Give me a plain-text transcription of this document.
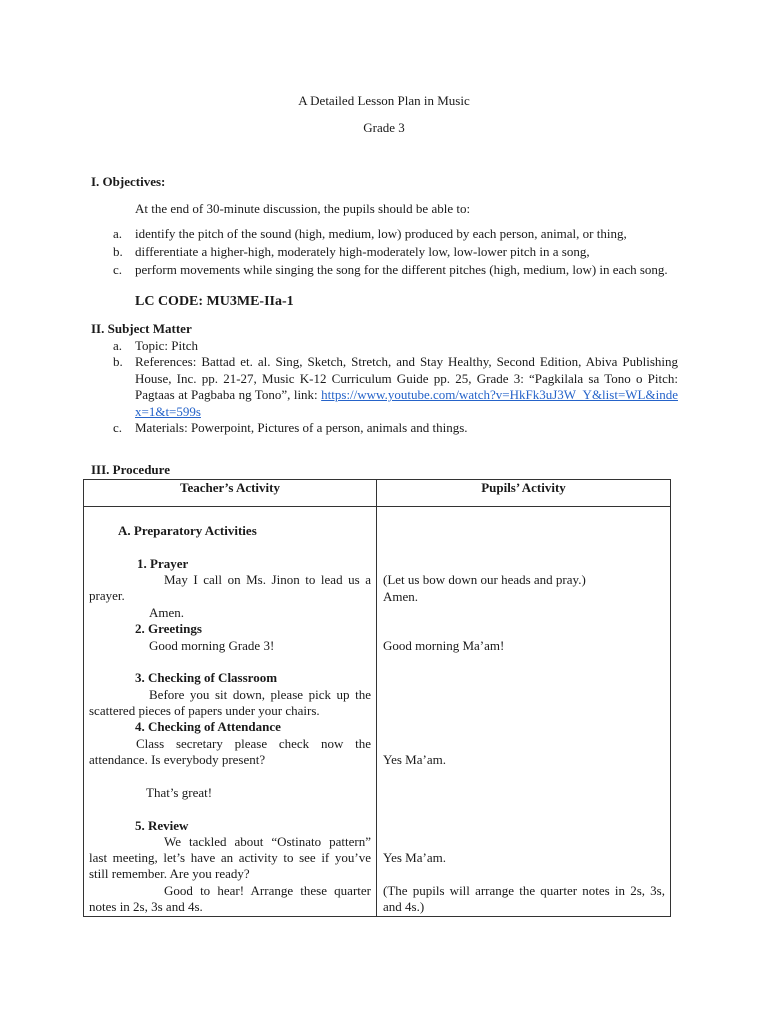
A Detailed Lesson Plan in Music
Grade 3
I. Objectives:
At the end of 30-minute discussion, the pupils should be able to:
a. identify the pitch of the sound (high, medium, low) produced by each person, animal, or thing,
b. differentiate a higher-high, moderately high-moderately low, low-lower pitch in a song,
c. perform movements while singing the song for the different pitches (high, medium, low) in each song.
LC CODE: MU3ME-IIa-1
II. Subject Matter
a. Topic: Pitch
b. References: Battad et. al. Sing, Sketch, Stretch, and Stay Healthy, Second Edition, Abiva Publishing House, Inc. pp. 21-27, Music K-12 Curriculum Guide pp. 25, Grade 3: “Pagkilala sa Tono o Pitch: Pagtaas at Pagbaba ng Tono”, link: https://www.youtube.com/watch?v=HkFk3uJ3W_Y&list=WL&index=1&t=599s
c. Materials: Powerpoint, Pictures of a person, animals and things.
III. Procedure
Teacher’s Activity	Pupils’ Activity
A. Preparatory Activities
1. Prayer
May I call on Ms. Jinon to lead us a prayer.
Amen.
2. Greetings
Good morning Grade 3!
3. Checking of Classroom
Before you sit down, please pick up the scattered pieces of papers under your chairs.
4. Checking of Attendance
Class secretary please check now the attendance. Is everybody present?
That’s great!
5. Review
We tackled about “Ostinato pattern” last meeting, let’s have an activity to see if you’ve still remember. Are you ready?
Good to hear! Arrange these quarter notes in 2s, 3s and 4s.
(Let us bow down our heads and pray.)
Amen.
Good morning Ma’am!
Yes Ma’am.
Yes Ma’am.
(The pupils will arrange the quarter notes in 2s, 3s, and 4s.)
